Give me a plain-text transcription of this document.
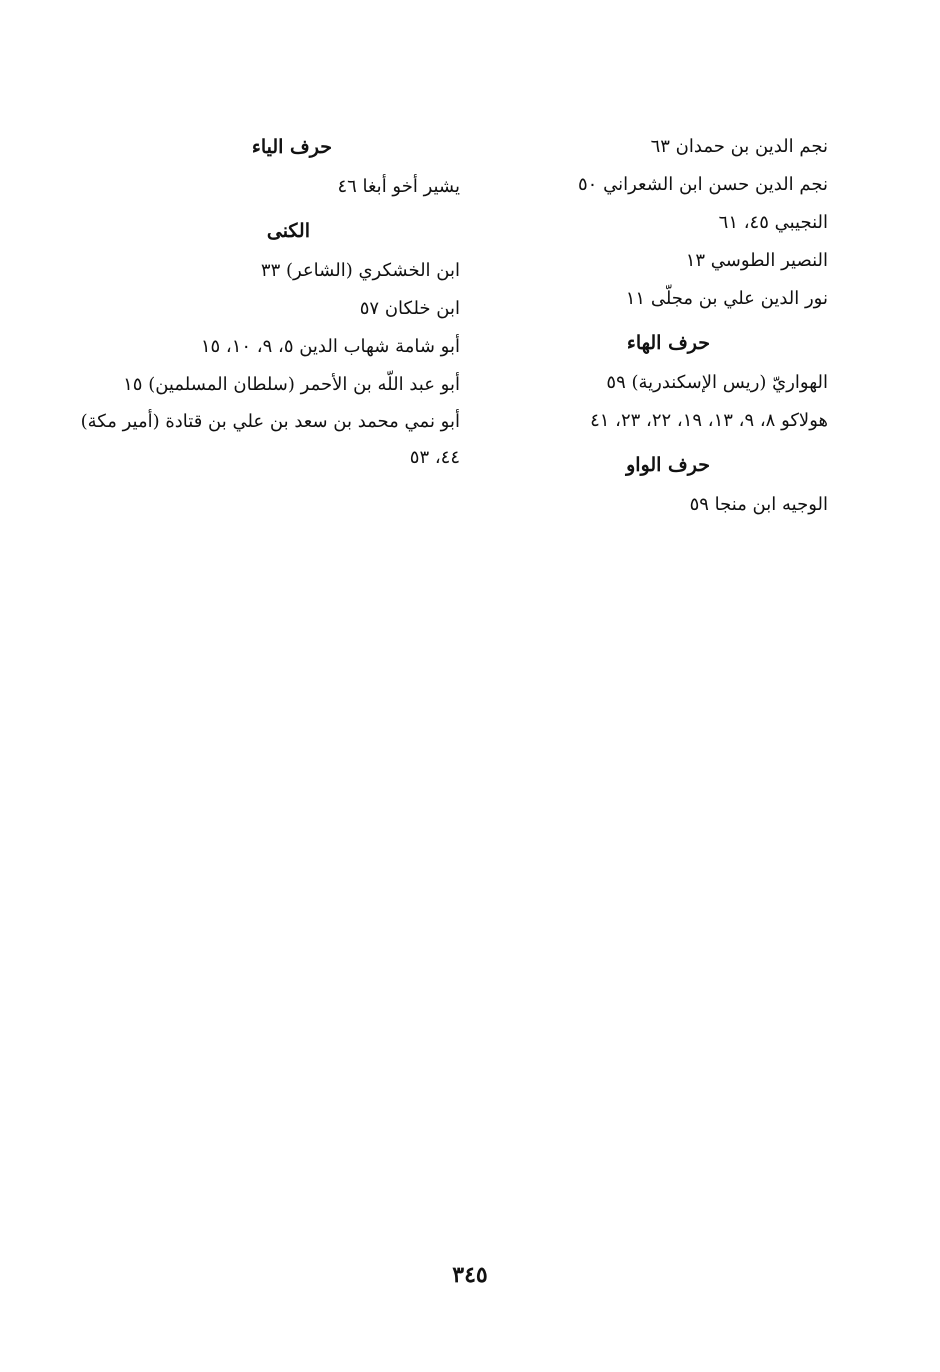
نجم الدين بن حمدان ٦٣
نجم الدين حسن ابن الشعراني ٥٠
النجيبي ٤٥، ٦١
النصير الطوسي ١٣
نور الدين علي بن مجلّى ١١
حرف الهاء
الهواريّ (ريس الإسكندرية) ٥٩
هولاكو ٨، ٩، ١٣، ١٩، ٢٢، ٢٣، ٤١
حرف الواو
الوجيه ابن منجا ٥٩
حرف الياء
يشير أخو أبغا ٤٦
الكنى
ابن الخشكري (الشاعر) ٣٣
ابن خلكان ٥٧
أبو شامة شهاب الدين ٥، ٩، ١٠، ١٥
أبو عبد اللّه بن الأحمر (سلطان المسلمين) ١٥
أبو نمي محمد بن سعد بن علي بن قتادة (أمير مكة) ٤٤، ٥٣
٣٤٥
